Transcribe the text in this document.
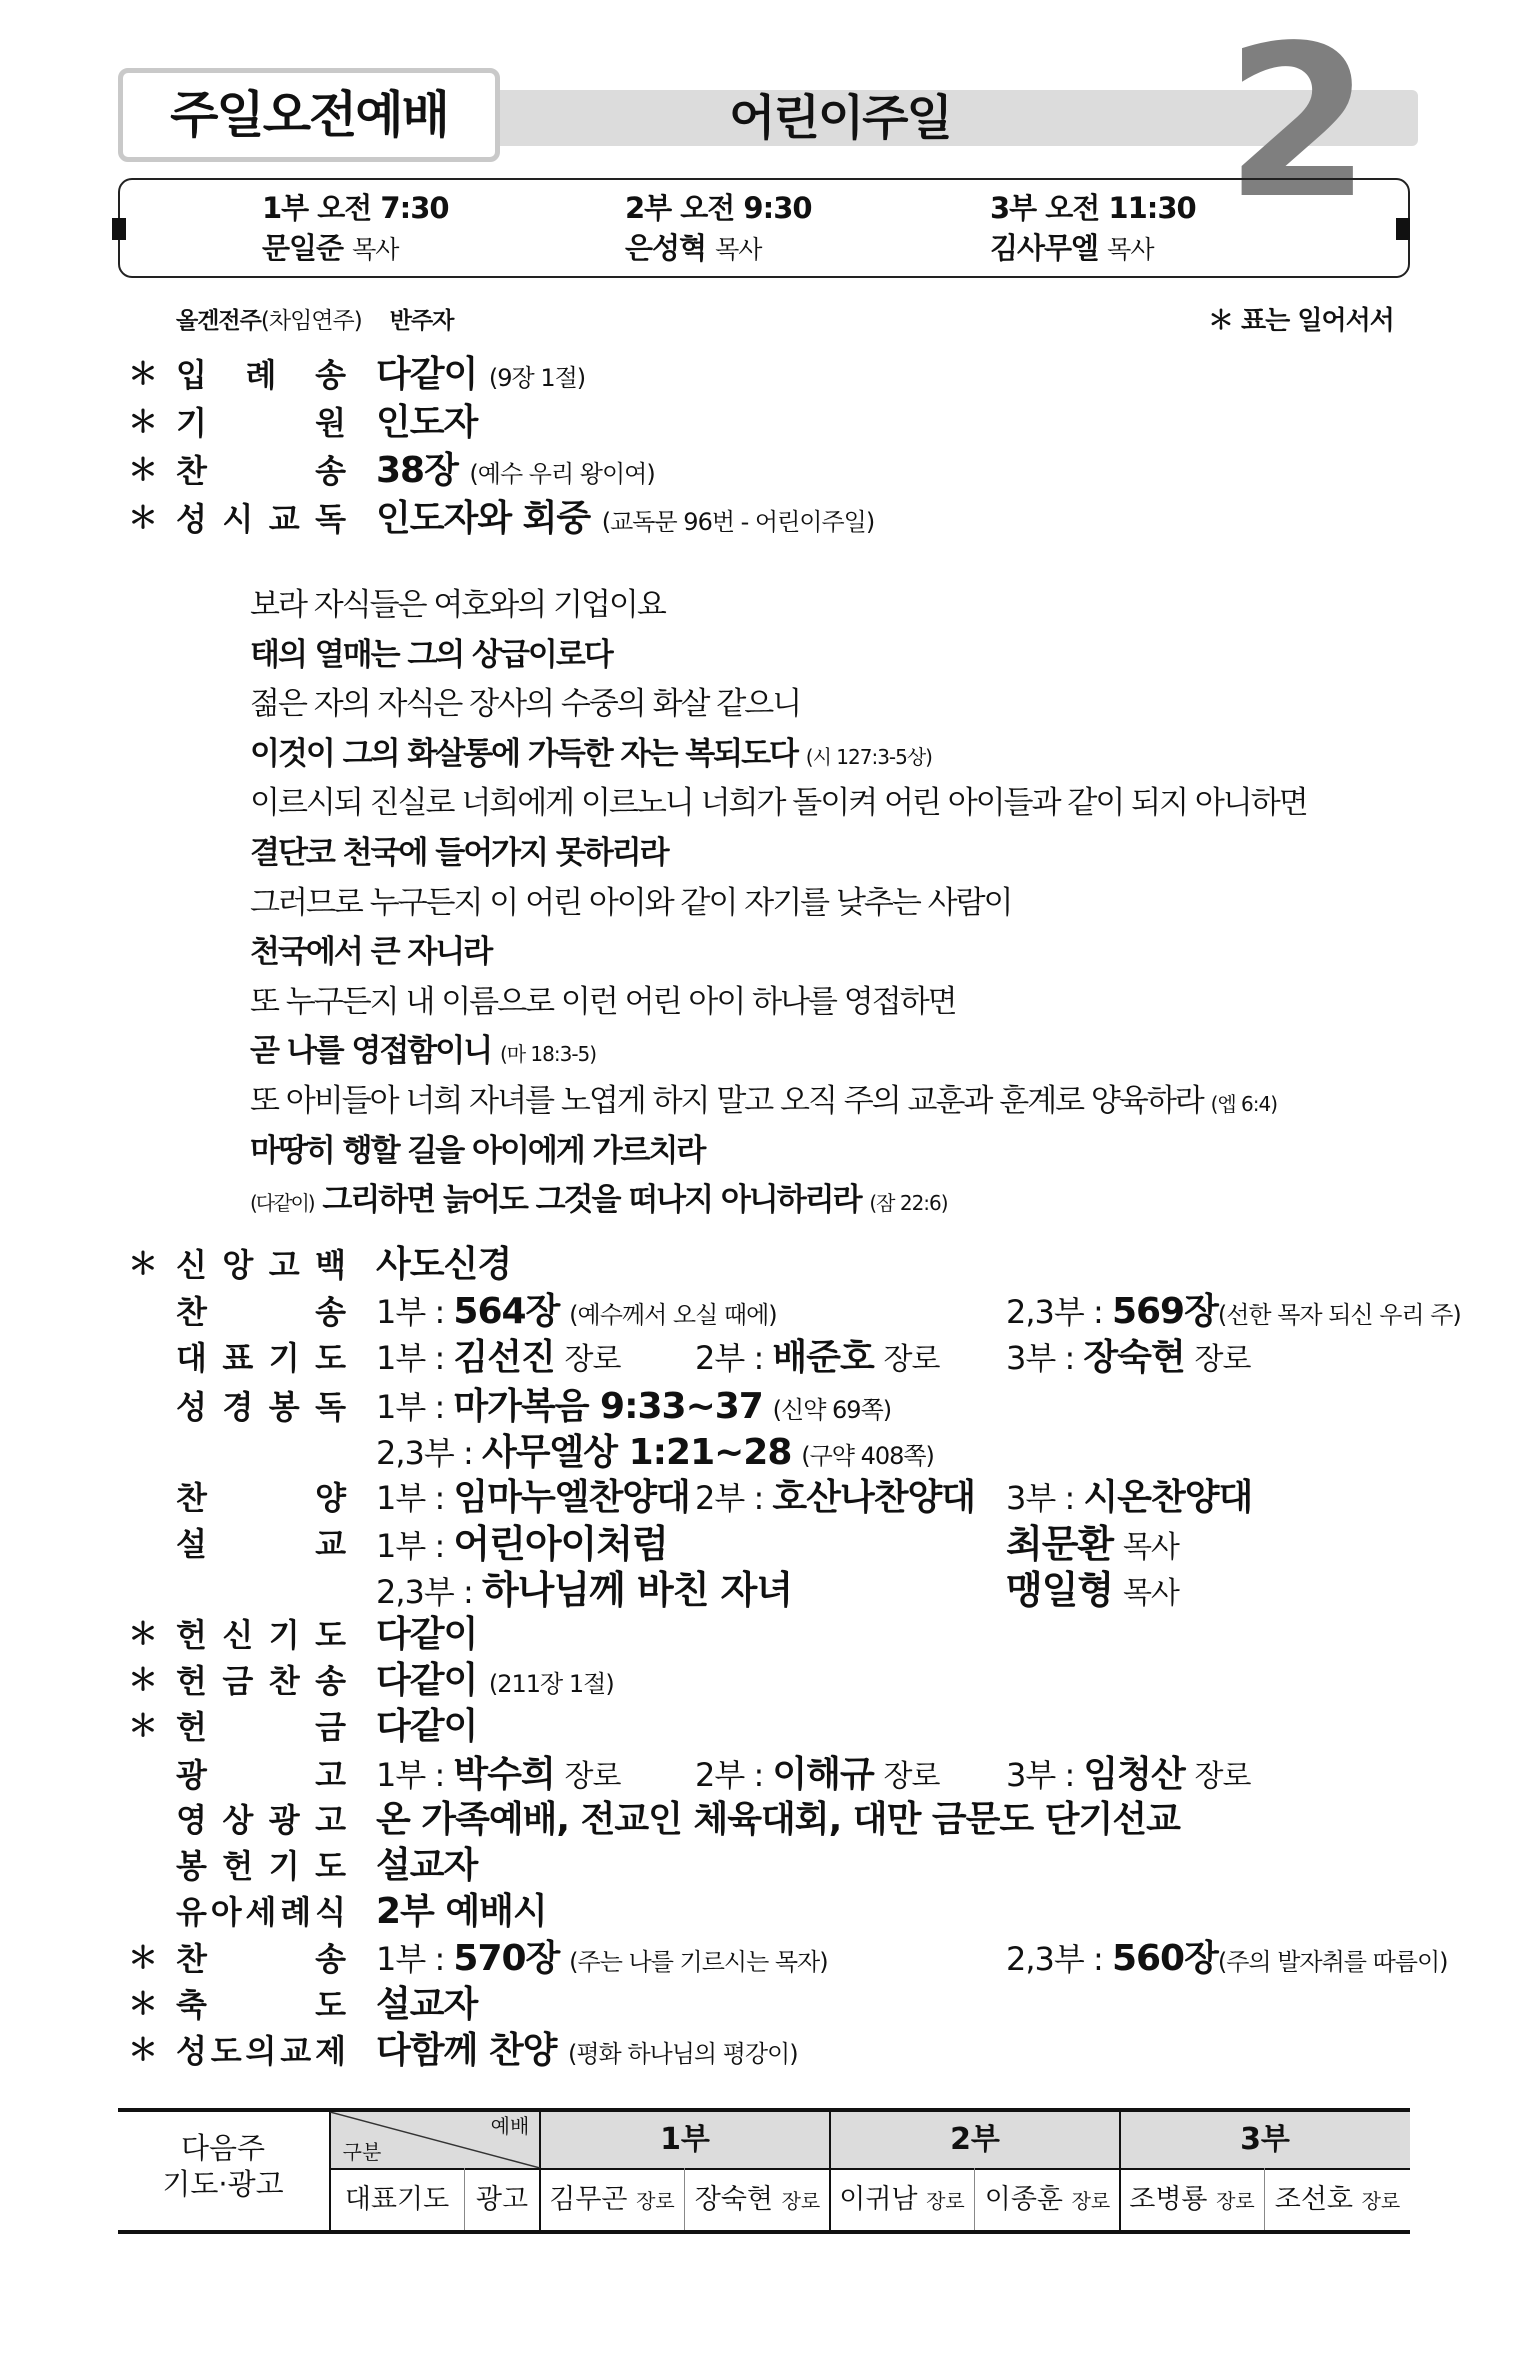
주일오전예배	어린이주일	2
1부 오전 7:30
문일준 목사
2부 오전 9:30
은성혁 목사
3부 오전 11:30
김사무엘 목사
올겐전주(차임연주) 반주자	＊ 표는 일어서서
＊ 입 례 송 다같이 (9장 1절)
＊ 기	원 인도자
＊ 찬	송 38장 (예수 우리 왕이여)
＊ 성 시 교 독 인도자와 회중 (교독문 96번 - 어린이주일)
보라 자식들은 여호와의 기업이요
태의 열매는 그의 상급이로다
젊은 자의 자식은 장사의 수중의 화살 같으니
이것이 그의 화살통에 가득한 자는 복되도다 (시 127:3-5상)
이르시되 진실로 너희에게 이르노니 너희가 돌이켜 어린 아이들과 같이 되지 아니하면
결단코 천국에 들어가지 못하리라
그러므로 누구든지 이 어린 아이와 같이 자기를 낮추는 사람이
천국에서 큰 자니라
또 누구든지 내 이름으로 이런 어린 아이 하나를 영접하면
곧 나를 영접함이니 (마 18:3-5)
또 아비들아 너희 자녀를 노엽게 하지 말고 오직 주의 교훈과 훈계로 양육하라 (엡 6:4)
마땅히 행할 길을 아이에게 가르치라
(다같이) 그리하면 늙어도 그것을 떠나지 아니하리라 (잠 22:6)
＊ 신 앙 고 백 사도신경
찬	송 1부 : 564장 (예수께서 오실 때에)	2,3부 : 569장(선한 목자 되신 우리 주)
대 표 기 도 1부 : 김선진 장로 2부 : 배준호 장로 3부 : 장숙현 장로
성 경 봉 독 1부 : 마가복음 9:33~37 (신약 69쪽)
2,3부 : 사무엘상 1:21~28 (구약 408쪽)
찬	양 1부 : 임마누엘찬양대 2부 : 호산나찬양대 3부 : 시온찬양대
설	교 1부 : 어린아이처럼	최문환 목사
2,3부 : 하나님께 바친 자녀	맹일형 목사
＊ 헌 신 기 도 다같이
＊ 헌 금 찬 송 다같이 (211장 1절)
＊ 헌	금 다같이
광	고 1부 : 박수희 장로 2부 : 이해규 장로 3부 : 임청산 장로
영 상 광 고 온 가족예배, 전교인 체육대회, 대만 금문도 단기선교
봉 헌 기 도 설교자
유 아 세 례 식 2부 예배시
＊ 찬	송 1부 : 570장 (주는 나를 기르시는 목자)	2,3부 : 560장(주의 발자취를 따름이)
＊ 축	도 설교자
＊ 성 도 의 교 제 다함께 찬양 (평화 하나님의 평강이)
다음주
기도·광고
예배
구분	1부	2부	3부
대표기도 광고 김무곤 장로 장숙현 장로 이귀남 장로 이종훈 장로 조병룡 장로 조선호 장로
